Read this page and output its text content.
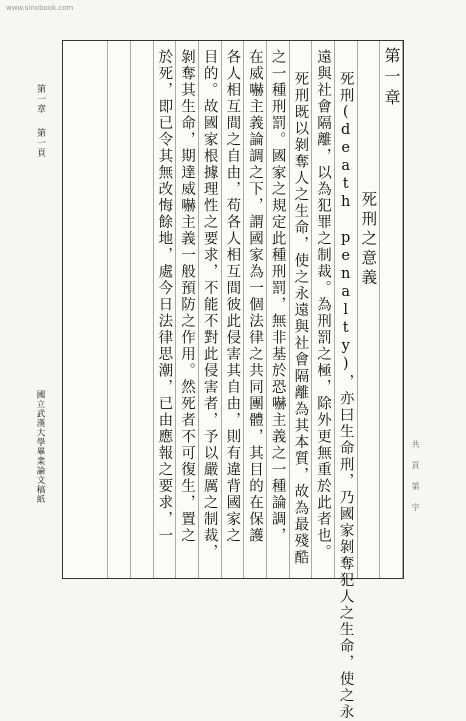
www.sinobook.com
第一章
第一頁
國立武漢大學畢業論文稿紙
第一章
死刑之意義
死刑(death penalty)，亦曰生命刑，乃國家剝奪犯人之生命，使之永
遠與社會隔離，以為犯罪之制裁。為刑罰之極，除外更無重於此者也。
死刑既以剝奪人之生命，使之永遠與社會隔離為其本質，故為最殘酷
之一種刑罰。國家之規定此種刑罰，無非基於恐嚇主義之一種論調，
在威嚇主義論調之下，謂國家為一個法律之共同團體，其目的在保護
各人相互間之自由，苟各人相互間彼此侵害其自由，則有違背國家之
目的。故國家根據理性之要求，不能不對此侵害者，予以嚴厲之制裁，
剝奪其生命，期達威嚇主義一般預防之作用。然死者不可復生，置之
於死，即已令其無改悔餘地，處今日法律思潮，已由應報之要求，一	共 頁 第 字
